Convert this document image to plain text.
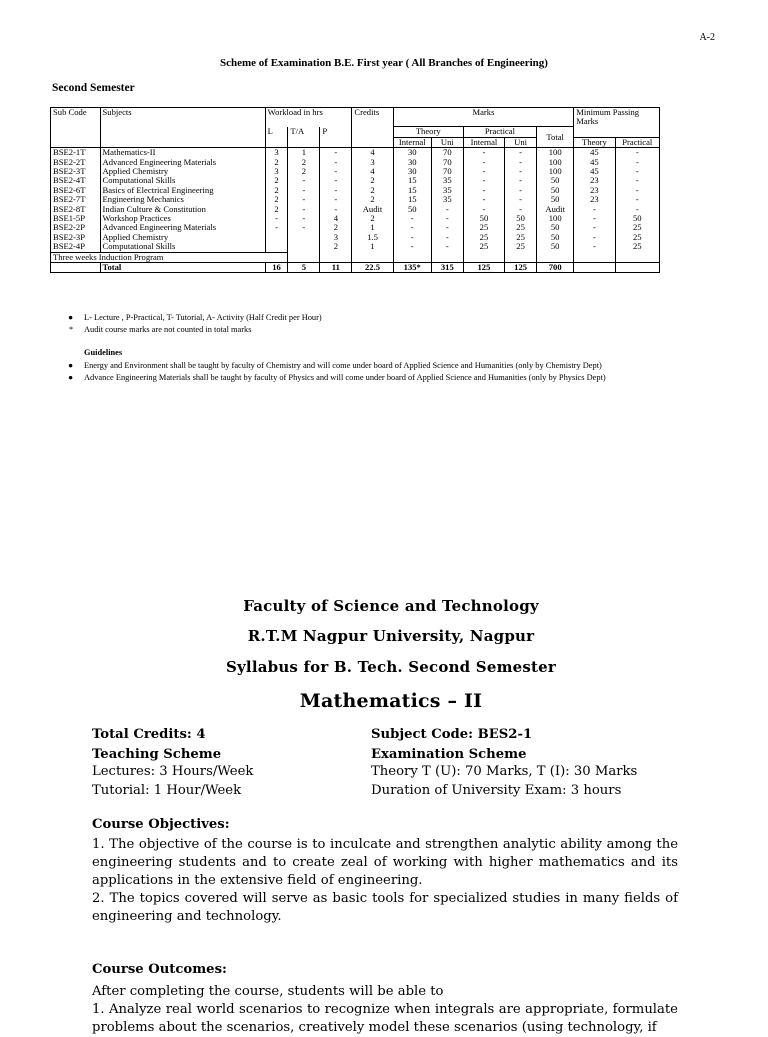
A-2
Scheme of Examination B.E. First year ( All Branches of Engineering)
Second Semester
Sub Code	Subjects	Workload in hrs			Credits	Marks					Minimum Passing Marks	
		L	T/A	P		Theory		Practical		Total		
						Internal	Uni	Internal	Uni		Theory	Practical
BSE2-1T	Mathematics-II	3	1	-	4	30	70	-	-	100	45	-
BSE2-2T	Advanced Engineering Materials	2	2	-	3	30	70	-	-	100	45	-
BSE2-3T	Applied Chemistry	3	2	-	4	30	70	-	-	100	45	-
BSE2-4T	Computational Skills	2	-	-	2	15	35	-	-	50	23	-
BSE2-6T	Basics of Electrical Engineering	2	-	-	2	15	35	-	-	50	23	-
BSE2-7T	Engineering Mechanics	2	-	-	2	15	35	-	-	50	23	-
BSE2-8T	Indian Culture & Constitution	2	-	-	Audit	50	-	-	-	Audit	-	-
BSE1-5P	Workshop Practices	-	-	4	2	-	-	50	50	100	-	50
BSE2-2P	Advanced Engineering Materials	-	-	2	1	-	-	25	25	50	-	25
BSE2-3P	Applied Chemistry			3	1.5	-	-	25	25	50	-	25
BSE2-4P	Computational Skills			2	1	-	-	25	25	50	-	25
Three weeks Induction Program												
	Total	16	5	11	22.5	135*	315	125	125	700		
● L- Lecture , P-Practical, T- Tutorial, A- Activity (Half Credit per Hour)
* Audit course marks are not counted in total marks
Guidelines
● Energy and Environment shall be taught by faculty of Chemistry and will come under board of Applied Science and Humanities (only by Chemistry Dept)
● Advance Engineering Materials shall be taught by faculty of Physics and will come under board of Applied Science and Humanities (only by Physics Dept)
Faculty of Science and Technology
R.T.M Nagpur University, Nagpur
Syllabus for B. Tech. Second Semester
Mathematics – II
Total Credits: 4	Subject Code: BES2-1
Teaching Scheme	Examination Scheme
Lectures: 3 Hours/Week	Theory T (U): 70 Marks, T (I): 30 Marks
Tutorial: 1 Hour/Week	Duration of University Exam: 3 hours
Course Objectives:
1. The objective of the course is to inculcate and strengthen analytic ability among the engineering students and to create zeal of working with higher mathematics and its applications in the extensive field of engineering.
2. The topics covered will serve as basic tools for specialized studies in many fields of engineering and technology.
Course Outcomes:
After completing the course, students will be able to
1. Analyze real world scenarios to recognize when integrals are appropriate, formulate problems about the scenarios, creatively model these scenarios (using technology, if
